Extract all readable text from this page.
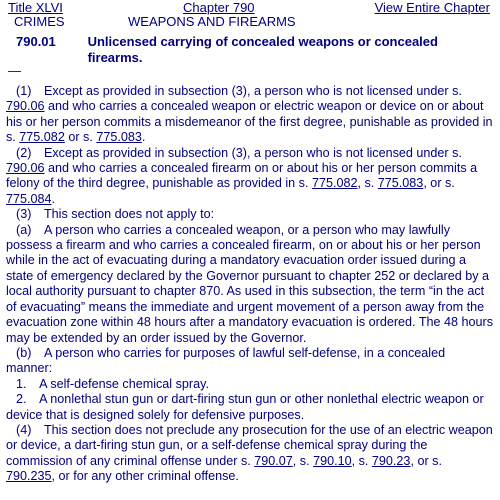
Title XLVI	Chapter 790	View Entire Chapter
CRIMES	WEAPONS AND FIREARMS
790.01	Unlicensed carrying of concealed weapons or concealed firearms.
—

(1) Except as provided in subsection (3), a person who is not licensed under s. 790.06 and who carries a concealed weapon or electric weapon or device on or about his or her person commits a misdemeanor of the first degree, punishable as provided in s. 775.082 or s. 775.083.

(2) Except as provided in subsection (3), a person who is not licensed under s. 790.06 and who carries a concealed firearm on or about his or her person commits a felony of the third degree, punishable as provided in s. 775.082, s. 775.083, or s. 775.084.

(3) This section does not apply to:

(a) A person who carries a concealed weapon, or a person who may lawfully possess a firearm and who carries a concealed firearm, on or about his or her person while in the act of evacuating during a mandatory evacuation order issued during a state of emergency declared by the Governor pursuant to chapter 252 or declared by a local authority pursuant to chapter 870. As used in this subsection, the term “in the act of evacuating” means the immediate and urgent movement of a person away from the evacuation zone within 48 hours after a mandatory evacuation is ordered. The 48 hours may be extended by an order issued by the Governor.

(b) A person who carries for purposes of lawful self-defense, in a concealed manner:

1. A self-defense chemical spray.

2. A nonlethal stun gun or dart-firing stun gun or other nonlethal electric weapon or device that is designed solely for defensive purposes.

(4) This section does not preclude any prosecution for the use of an electric weapon or device, a dart-firing stun gun, or a self-defense chemical spray during the commission of any criminal offense under s. 790.07, s. 790.10, s. 790.23, or s. 790.235, or for any other criminal offense.
